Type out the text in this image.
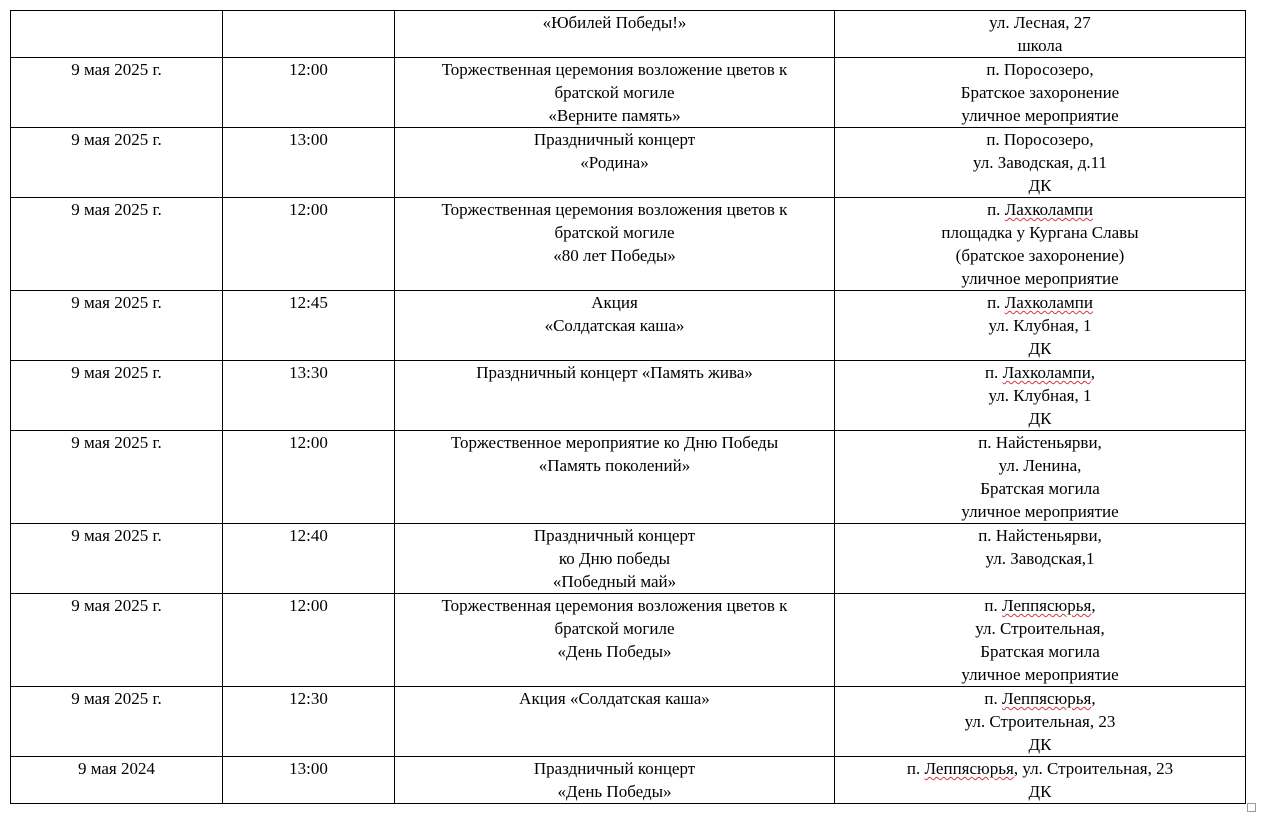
		«Юбилей Победы!»	ул. Лесная, 27
школа

9 мая 2025 г.	12:00	Торжественная церемония возложение цветов к
братской могиле
«Верните память»	п. Поросозеро,
Братское захоронение
уличное мероприятие

9 мая 2025 г.	13:00	Праздничный концерт
«Родина»	п. Поросозеро,
ул. Заводская, д.11
ДК

9 мая 2025 г.	12:00	Торжественная церемония возложения цветов к
братской могиле
«80 лет Победы»	п. Лахколампи
площадка у Кургана Славы
(братское захоронение)
уличное мероприятие

9 мая 2025 г.	12:45	Акция
«Солдатская каша»	п. Лахколампи
ул. Клубная, 1
ДК

9 мая 2025 г.	13:30	Праздничный концерт «Память жива»	п. Лахколампи,
ул. Клубная, 1
ДК

9 мая 2025 г.	12:00	Торжественное мероприятие ко Дню Победы
«Память поколений»	п. Найстеньярви,
ул. Ленина,
Братская могила
уличное мероприятие

9 мая 2025 г.	12:40	Праздничный концерт
ко Дню победы
«Победный май»	п. Найстеньярви,
ул. Заводская,1

9 мая 2025 г.	12:00	Торжественная церемония возложения цветов к
братской могиле
«День Победы»	п. Леппясюрья,
ул. Строительная,
Братская могила
уличное мероприятие

9 мая 2025 г.	12:30	Акция «Солдатская каша»	п. Леппясюрья,
ул. Строительная, 23
ДК

9 мая 2024	13:00	Праздничный концерт
«День Победы»	п. Леппясюрья, ул. Строительная, 23
ДК
